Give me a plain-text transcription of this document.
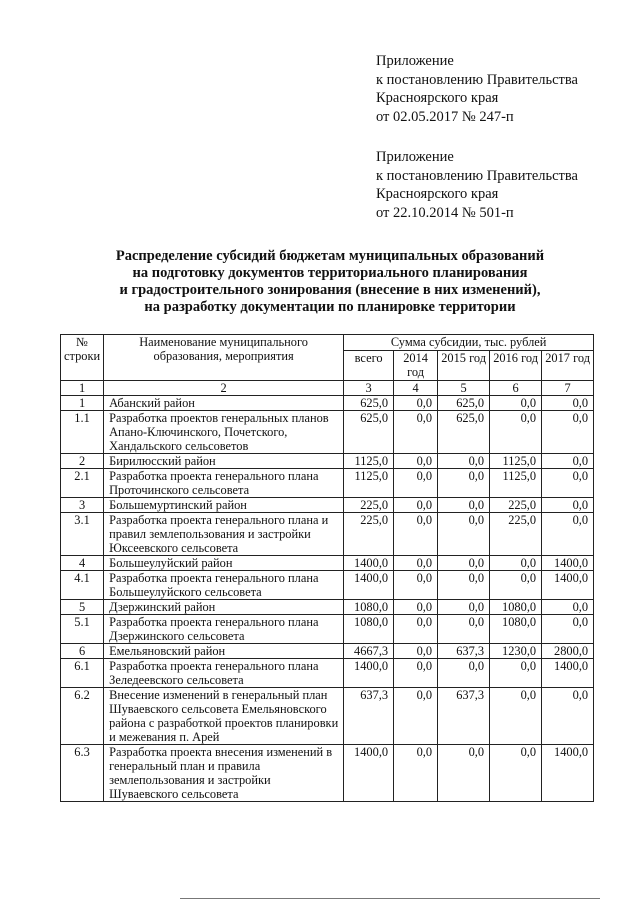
Приложение
к постановлению Правительства
Красноярского края
от 02.05.2017 № 247-п
Приложение
к постановлению Правительства
Красноярского края
от 22.10.2014 № 501-п
Распределение субсидий бюджетам муниципальных образований
на подготовку документов территориального планирования
и градостроительного зонирования (внесение в них изменений),
на разработку документации по планировке территории
№ строки	Наименование муниципального образования, мероприятия	Сумма субсидии, тыс. рублей				
		всего	2014 год	2015 год	2016 год	2017 год
1	2	3	4	5	6	7
1	Абанский район	625,0	0,0	625,0	0,0	0,0
1.1	Разработка проектов генеральных планов Апано-Ключинского, Почетского, Хандальского сельсоветов	625,0	0,0	625,0	0,0	0,0
2	Бирилюсский район	1125,0	0,0	0,0	1125,0	0,0
2.1	Разработка проекта генерального плана Проточинского сельсовета	1125,0	0,0	0,0	1125,0	0,0
3	Большемуртинский район	225,0	0,0	0,0	225,0	0,0
3.1	Разработка проекта генерального плана и правил землепользования и застройки Юксеевского сельсовета	225,0	0,0	0,0	225,0	0,0
4	Большеулуйский район	1400,0	0,0	0,0	0,0	1400,0
4.1	Разработка проекта генерального плана Большеулуйского сельсовета	1400,0	0,0	0,0	0,0	1400,0
5	Дзержинский район	1080,0	0,0	0,0	1080,0	0,0
5.1	Разработка проекта генерального плана Дзержинского сельсовета	1080,0	0,0	0,0	1080,0	0,0
6	Емельяновский район	4667,3	0,0	637,3	1230,0	2800,0
6.1	Разработка проекта генерального плана Зеледеевского сельсовета	1400,0	0,0	0,0	0,0	1400,0
6.2	Внесение изменений в генеральный план Шуваевского сельсовета Емельяновского района с разработкой проектов планировки и межевания п. Арей	637,3	0,0	637,3	0,0	0,0
6.3	Разработка проекта внесения изменений в генеральный план и правила землепользования и застройки Шуваевского сельсовета	1400,0	0,0	0,0	0,0	1400,0
